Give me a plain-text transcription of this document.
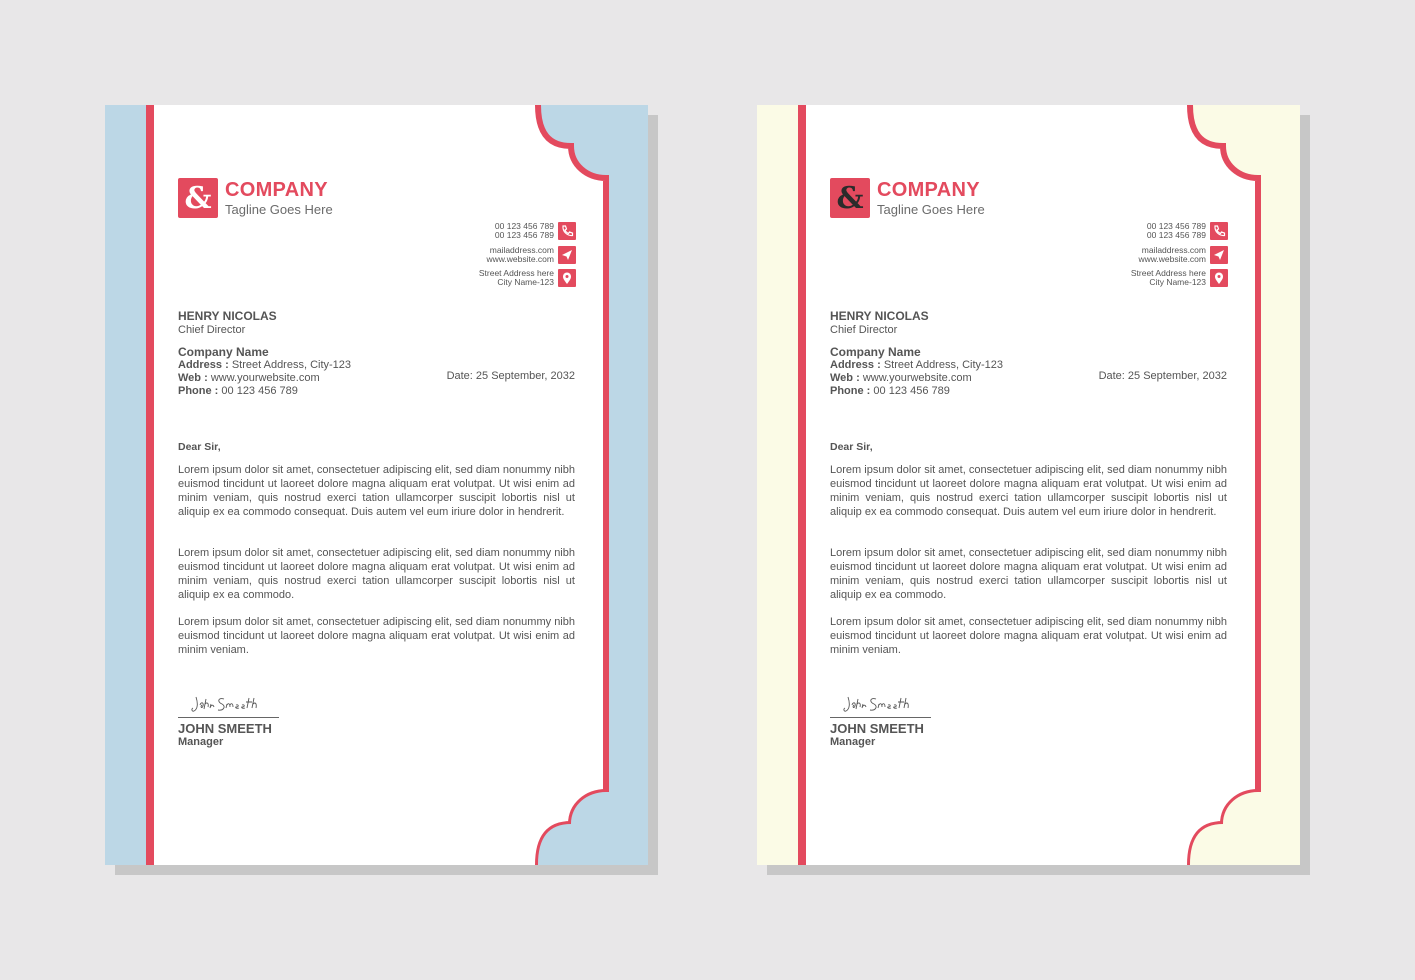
& COMPANY
Tagline Goes Here
00 123 456 789
00 123 456 789
mailaddress.com
www.website.com
Street Address here
City Name-123
HENRY NICOLAS
Chief Director
Company Name
Address : Street Address, City-123
Web : www.yourwebsite.com
Phone : 00 123 456 789
Date: 25 September, 2032
Dear Sir,
Lorem ipsum dolor sit amet, consectetuer adipiscing elit, sed diam nonummy nibh euismod tincidunt ut laoreet dolore magna aliquam erat volutpat. Ut wisi enim ad minim veniam, quis nostrud exerci tation ullamcorper suscipit lobortis nisl ut aliquip ex ea commodo consequat. Duis autem vel eum iriure dolor in hendrerit.
Lorem ipsum dolor sit amet, consectetuer adipiscing elit, sed diam nonummy nibh euismod tincidunt ut laoreet dolore magna aliquam erat volutpat. Ut wisi enim ad minim veniam, quis nostrud exerci tation ullamcorper suscipit lobortis nisl ut aliquip ex ea commodo.
Lorem ipsum dolor sit amet, consectetuer adipiscing elit, sed diam nonummy nibh euismod tincidunt ut laoreet dolore magna aliquam erat volutpat. Ut wisi enim ad minim veniam.
JOHN SMEETH
Manager
& COMPANY
Tagline Goes Here
00 123 456 789
00 123 456 789
mailaddress.com
www.website.com
Street Address here
City Name-123
HENRY NICOLAS
Chief Director
Company Name
Address : Street Address, City-123
Web : www.yourwebsite.com
Phone : 00 123 456 789
Date: 25 September, 2032
Dear Sir,
Lorem ipsum dolor sit amet, consectetuer adipiscing elit, sed diam nonummy nibh euismod tincidunt ut laoreet dolore magna aliquam erat volutpat. Ut wisi enim ad minim veniam, quis nostrud exerci tation ullamcorper suscipit lobortis nisl ut aliquip ex ea commodo consequat. Duis autem vel eum iriure dolor in hendrerit.
Lorem ipsum dolor sit amet, consectetuer adipiscing elit, sed diam nonummy nibh euismod tincidunt ut laoreet dolore magna aliquam erat volutpat. Ut wisi enim ad minim veniam, quis nostrud exerci tation ullamcorper suscipit lobortis nisl ut aliquip ex ea commodo.
Lorem ipsum dolor sit amet, consectetuer adipiscing elit, sed diam nonummy nibh euismod tincidunt ut laoreet dolore magna aliquam erat volutpat. Ut wisi enim ad minim veniam.
JOHN SMEETH
Manager
